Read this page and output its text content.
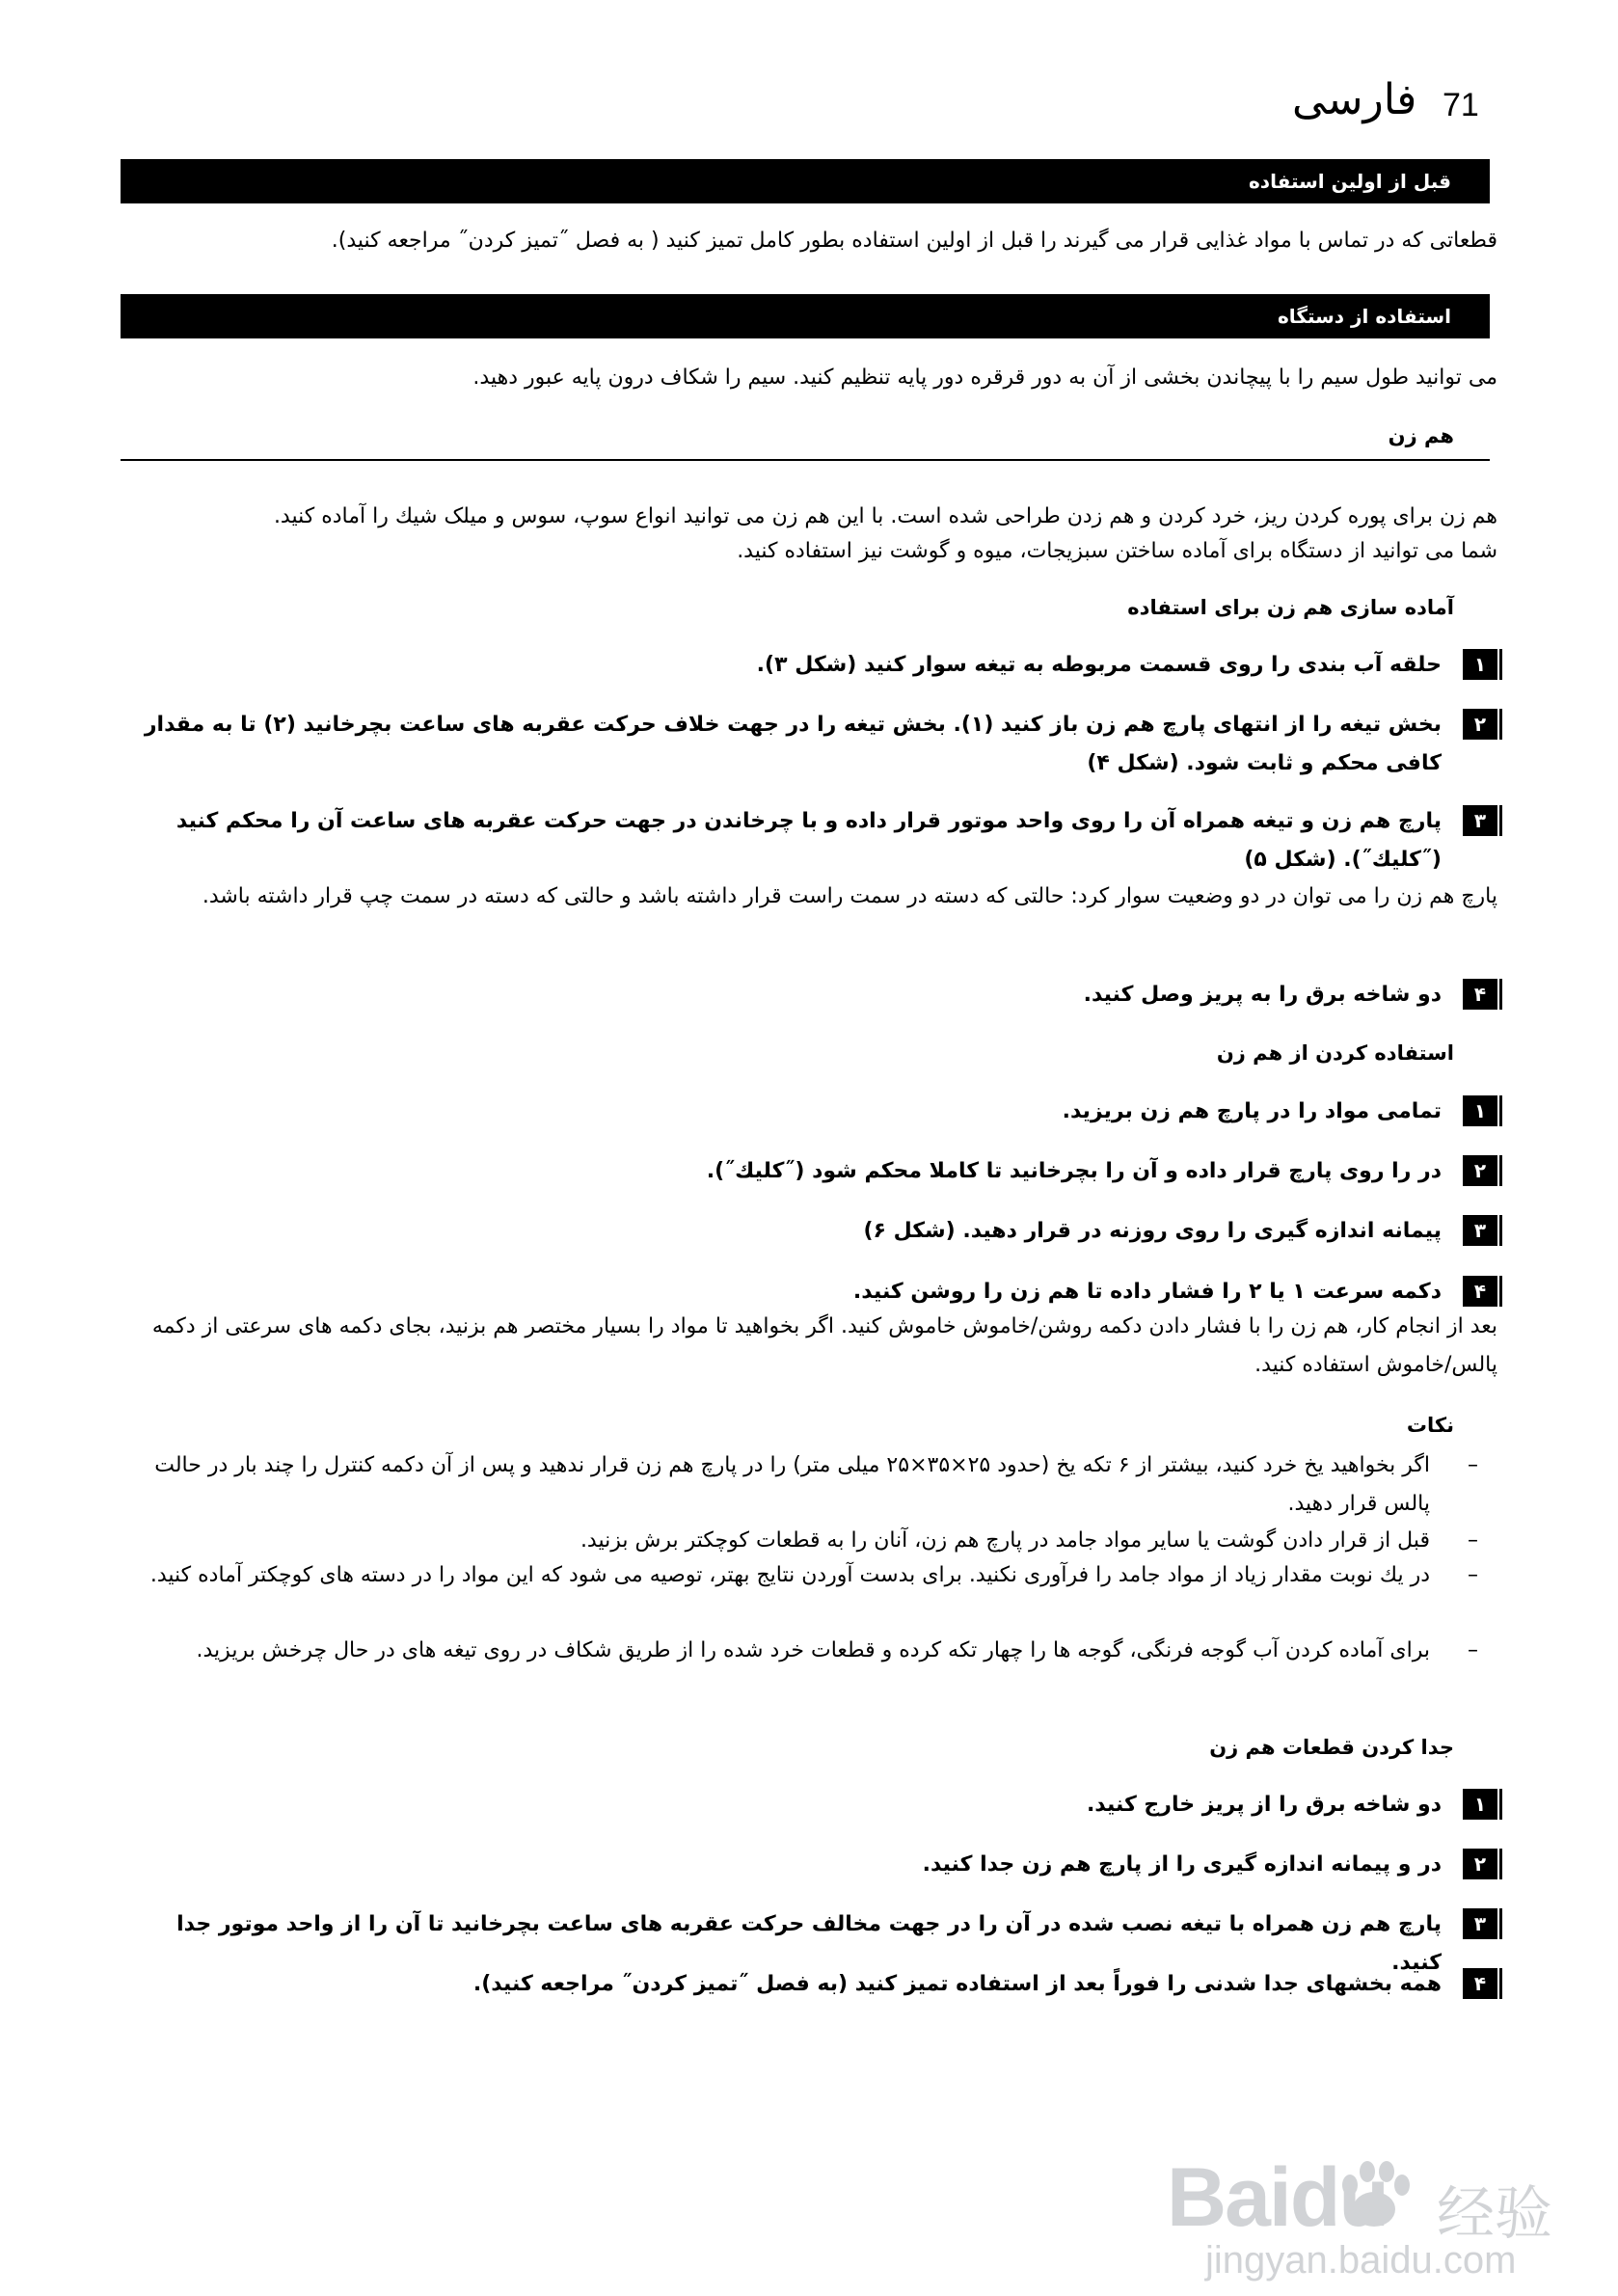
فارسی 71
قبل از اولین استفاده
قطعاتی که در تماس با مواد غذایی قرار می گیرند را قبل از اولین استفاده بطور کامل تمیز کنید ( به فصل ˝تمیز کردن˝ مراجعه کنید).
استفاده از دستگاه
می توانید طول سیم را با پیچاندن بخشی از آن به دور قرقره دور پایه تنظیم کنید. سیم را شکاف درون پایه عبور دهید.
هم زن
هم زن برای پوره کردن ریز، خرد کردن و هم زدن طراحی شده است. با این هم زن می توانید انواع سوپ، سوس و میلک شیك را آماده كنید.
شما می توانید از دستگاه برای آماده ساختن سبزیجات، میوه و گوشت نیز استفاده کنید.
آماده سازی هم زن برای استفاده
۱
حلقه آب بندی را روی قسمت مربوطه به تیغه سوار کنید (شکل ۳).
۲
بخش تیغه را از انتهای پارچ هم زن باز کنید (۱). بخش تیغه را در جهت خلاف حرکت عقربه های ساعت بچرخانید (۲) تا به مقدار كافی محکم و ثابت شود. (شکل ۴)
۳
پارچ هم زن و تیغه همراه آن را روی واحد موتور قرار داده و با چرخاندن در جهت حرکت عقربه های ساعت آن را محكم كنید (˝كلیك˝). (شکل ۵)
پارچ هم زن را می توان در دو وضعیت سوار کرد: حالتی که دسته در سمت راست قرار داشته باشد و حالتی که دسته در سمت چپ قرار داشته باشد.
۴
دو شاخه برق را به پریز وصل کنید.
استفاده کردن از هم زن
۱
تمامی مواد را در پارچ هم زن بریزید.
۲
در را روی پارچ قرار داده و آن را بچرخانید تا كاملا محكم شود (˝كلیك˝).
۳
پیمانه اندازه گیری را روی روزنه در قرار دهید. (شکل ۶)
۴
دکمه سرعت ۱ یا ۲ را فشار داده تا هم زن را روشن کنید.
بعد از انجام کار، هم زن را با فشار دادن دكمه روشن/خاموش خاموش کنید. اگر بخواهید تا مواد را بسیار مختصر هم بزنید، بجای دكمه های سرعتی از دكمه پالس/خاموش استفاده كنید.
نکات
–
اگر بخواهید یخ خرد کنید، بیشتر از ۶ تکه یخ (حدود ۲۵×۳۵×۲۵ میلی متر) را در پارچ هم زن قرار ندهید و پس از آن دكمه كنترل را چند بار در حالت پالس قرار دهید.
–
قبل از قرار دادن گوشت یا سایر مواد جامد در پارچ هم زن، آنان را به قطعات كوچكتر برش بزنید.
–
در یك نوبت مقدار زیاد از مواد جامد را فرآوری نكنید. برای بدست آوردن نتایج بهتر، توصیه می شود كه این مواد را در دسته های كوچكتر آماده كنید.
–
برای آماده كردن آب گوجه فرنگی، گوجه ها را چهار تكه كرده و قطعات خرد شده را از طریق شكاف در روی تیغه های در حال چرخش بریزید.
جدا کردن قطعات هم زن
۱
دو شاخه برق را از پریز خارج کنید.
۲
در و پیمانه اندازه گیری را از پارچ هم زن جدا كنید.
۳
پارچ هم زن همراه با تیغه نصب شده در آن را در جهت مخالف حرکت عقربه های ساعت بچرخانید تا آن را از واحد موتور جدا کنید.
۴
همه بخشهای جدا شدنی را فوراً بعد از استفاده تمیز کنید (به فصل ˝تمیز کردن˝ مراجعه کنید).
Baidu 经验
jingyan.baidu.com
